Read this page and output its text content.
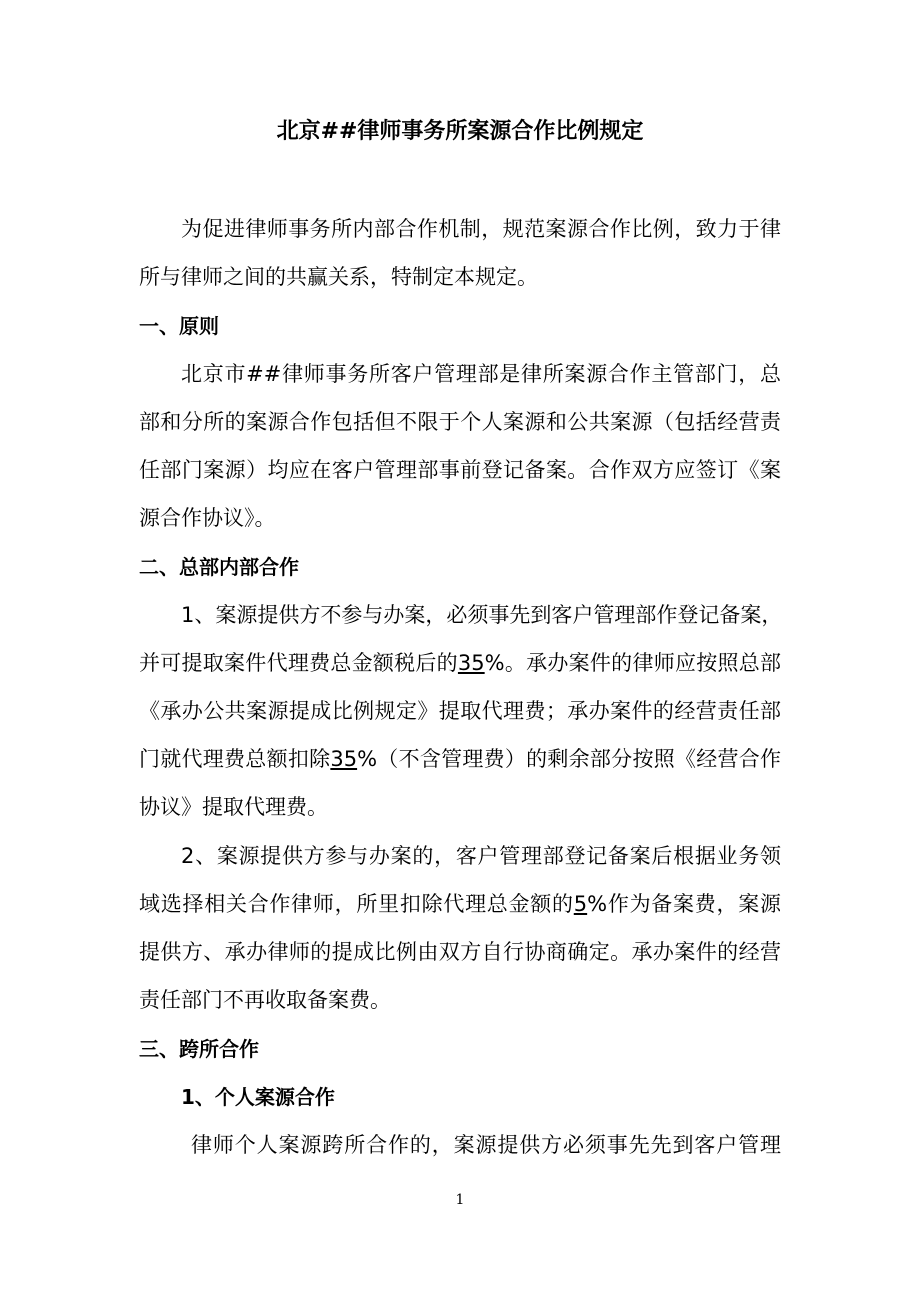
北京##律师事务所案源合作比例规定
为促进律师事务所内部合作机制，规范案源合作比例，致力于律
所与律师之间的共赢关系，特制定本规定。
一、原则
北京市##律师事务所客户管理部是律所案源合作主管部门，总
部和分所的案源合作包括但不限于个人案源和公共案源（包括经营责
任部门案源）均应在客户管理部事前登记备案。合作双方应签订《案
源合作协议》。
二、总部内部合作
1、案源提供方不参与办案，必须事先到客户管理部作登记备案，
并可提取案件代理费总金额税后的35%。承办案件的律师应按照总部
《承办公共案源提成比例规定》提取代理费；承办案件的经营责任部
门就代理费总额扣除35%（不含管理费）的剩余部分按照《经营合作
协议》提取代理费。
2、案源提供方参与办案的，客户管理部登记备案后根据业务领
域选择相关合作律师，所里扣除代理总金额的5%作为备案费，案源
提供方、承办律师的提成比例由双方自行协商确定。承办案件的经营
责任部门不再收取备案费。
三、跨所合作
1、个人案源合作
律师个人案源跨所合作的，案源提供方必须事先先到客户管理
1
